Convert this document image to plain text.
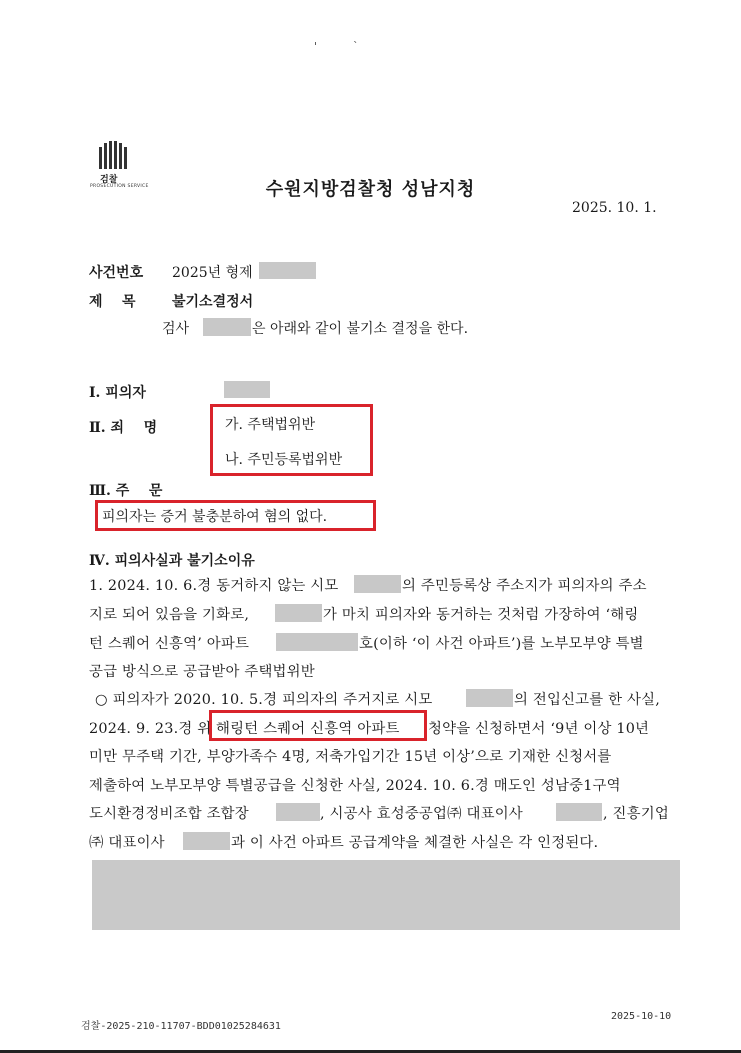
'`
검찰
PROSECUTION SERVICE	수원지방검찰청 성남지청
2025. 10. 1.
사건번호 2025년 형제
제    목	불기소결정서
검사	은 아래와 같이 불기소 결정을 한다.
Ⅰ. 피의자
Ⅱ. 죄    명	가. 주택법위반
나. 주민등록법위반
Ⅲ. 주    문
피의자는 증거 불충분하여 혐의 없다.
Ⅳ. 피의사실과 불기소이유
1. 2024. 10. 6.경 동거하지 않는 시모	의 주민등록상 주소지가 피의자의 주소
지로 되어 있음을 기화로,	가 마치 피의자와 동거하는 것처럼 가장하여 ‘해링
턴 스퀘어 신흥역’ 아파트	호(이하 ‘이 사건 아파트’)를 노부모부양 특별
공급 방식으로 공급받아 주택법위반
○ 피의자가 2020. 10. 5.경 피의자의 주거지로 시모	의 전입신고를 한 사실,
2024. 9. 23.경 위 해링턴 스퀘어 신흥역 아파트 청약을 신청하면서 ‘9년 이상 10년
미만 무주택 기간, 부양가족수 4명, 저축가입기간 15년 이상’으로 기재한 신청서를
제출하여 노부모부양 특별공급을 신청한 사실, 2024. 10. 6.경 매도인 성남중1구역
도시환경정비조합 조합장	, 시공사 효성중공업㈜ 대표이사	, 진흥기업
㈜ 대표이사	과 이 사건 아파트 공급계약을 체결한 사실은 각 인정된다.
검찰-2025-210-11707-BDD01025284631
2025-10-10
